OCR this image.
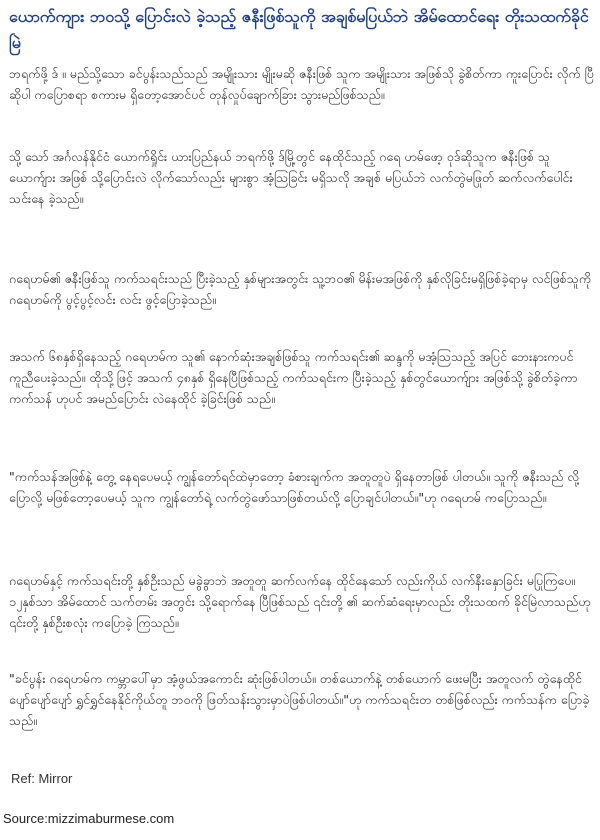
ယောက်ကျား ဘဝသို့ ပြောင်းလဲ ခဲ့သည့် ဇနီးဖြစ်သူကို အချစ်မပြယ်ဘဲ အိမ်ထောင်ရေး တိုးသထက်ခိုင်မြဲ

ဘရက်ဖို့ ဒ် ။ မည်သို့သော ခင်ပွန်းသည်သည် အမျိုးသား မျိုးမဆို ဇနီးဖြစ် သူက အမျိုးသား အဖြစ်သို ခွဲစိတ်ကာ ကူးပြောင်း လိုက် ပြီဆိုပါ ကပြောစရာ စကားမ ရှိတော့အောင်ပင် တုန်လှုပ်ချောက်ခြား သွားမည်ဖြစ်သည်။

သို့ သော် အင်္ဂလန်နိုင်ငံ ယောက်ရှိုင်း ယားပြည်နယ် ဘရက်ဖို့ ဒ်မြို့တွင် နေထိုင်သည့် ဂရေ ဟမ်ဖော့ ဝုဒ်ဆိုသူက ဇနီးဖြစ် သူယောက်ျား အဖြစ် သို့ပြောင်းလဲ လိုက်သော်လည်း များစွာ အံ့သြခြင်း မရှိသလို အချစ် မပြယ်ဘဲ လက်တွဲမဖြုတ် ဆက်လက်ပေါင်း သင်းနေ ခဲ့သည်။

ဂရေဟမ်၏ ဇနီးဖြစ်သူ ကက်သရင်းသည် ပြီးခဲ့သည့် နှစ်များအတွင်း သူ့ဘဝ၏ မိန်းမအဖြစ်ကို နှစ်လိုခြင်းမရှိဖြစ်ခဲ့ရာမှ လင်ဖြစ်သူကို ဂရေဟမ်ကို ပွင့်ပွင့်လင်း လင်း ဖွင့်ပြောခဲ့သည်။

အသက် ၆၈နှစ်ရှိနေသည့် ဂရေဟမ်က သူ၏ နောက်ဆုံးအချစ်ဖြစ်သူ ကက်သရင်း၏ ဆန္ဒကို မအံ့သြသည့် အပြင် ဘေးနားကပင် ကူညီပေးခဲ့သည်။ ထိုသို့ဖြင့် အသက် ၄၈နှစ် ရှိနေပြီဖြစ်သည့် ကက်သရင်းက ပြီးခဲ့သည့် နှစ်တွင်ယောက်ျား အဖြစ်သို့ ခွဲစိတ်ခဲ့ကာ ကက်သန် ဟုပင် အမည်ပြောင်း လဲနေထိုင် ခဲ့ခြင်းဖြစ် သည်။

"ကက်သန်အဖြစ်နဲ့ တွေ့ နေရပေမယ့် ကျွန်တော်ရင်ထဲမှာတော့ ခံစားချက်က အတူတူပဲ ရှိနေတာဖြစ် ပါတယ်။ သူကို ဇနီးသည် လို့ပြောလို့ မဖြစ်တော့ပေမယ့် သူက ကျွန်တော်ရဲ့ လက်တွဲဖော်သာဖြစ်တယ်လို့ ပြောချင်ပါတယ်။"ဟု ဂရေဟမ် ကပြောသည်။

ဂရေဟမ်နှင့် ကက်သရင်းတို့ နှစ်ဦးသည် မခွဲခွာဘဲ အတူတူ ဆက်လက်နေ ထိုင်နေသော် လည်းကိုယ် လက်နီးနှောခြင်း မပြုကြပေ။ ၁၂နှစ်သာ အိမ်ထောင် သက်တမ်း အတွင်း သို့ရောက်နေ ပြီဖြစ်သည် ၎င်းတို့ ၏ ဆက်ဆံရေးမှာလည်း တိုးသထက် ခိုင်မြဲလာသည်ဟု ၎င်းတို့ နှစ်ဦးစလုံး ကပြောခဲ့ ကြသည်။

"ခင်ပွန်း ဂရေဟမ်က ကမ္ဘာပေါ်မှာ အံ့ဖွယ်အကောင်း ဆုံးဖြစ်ပါတယ်။ တစ်ယောက်နဲ့ တစ်ယောက် ဖေးမပြီး အတူလက် တွဲနေထိုင် ပျော်ပျော်ပျော် ရွှင်ရွှင်နေနိုင်ကိုယ်တူ ဘဝကို ဖြတ်သန်းသွားမှာပဲဖြစ်ပါတယ်။"ဟု ကက်သရင်းတ တစ်ဖြစ်လည်း ကက်သန်က ပြောခဲ့သည်။

Ref: Mirror

Source:mizzimaburmese.com
